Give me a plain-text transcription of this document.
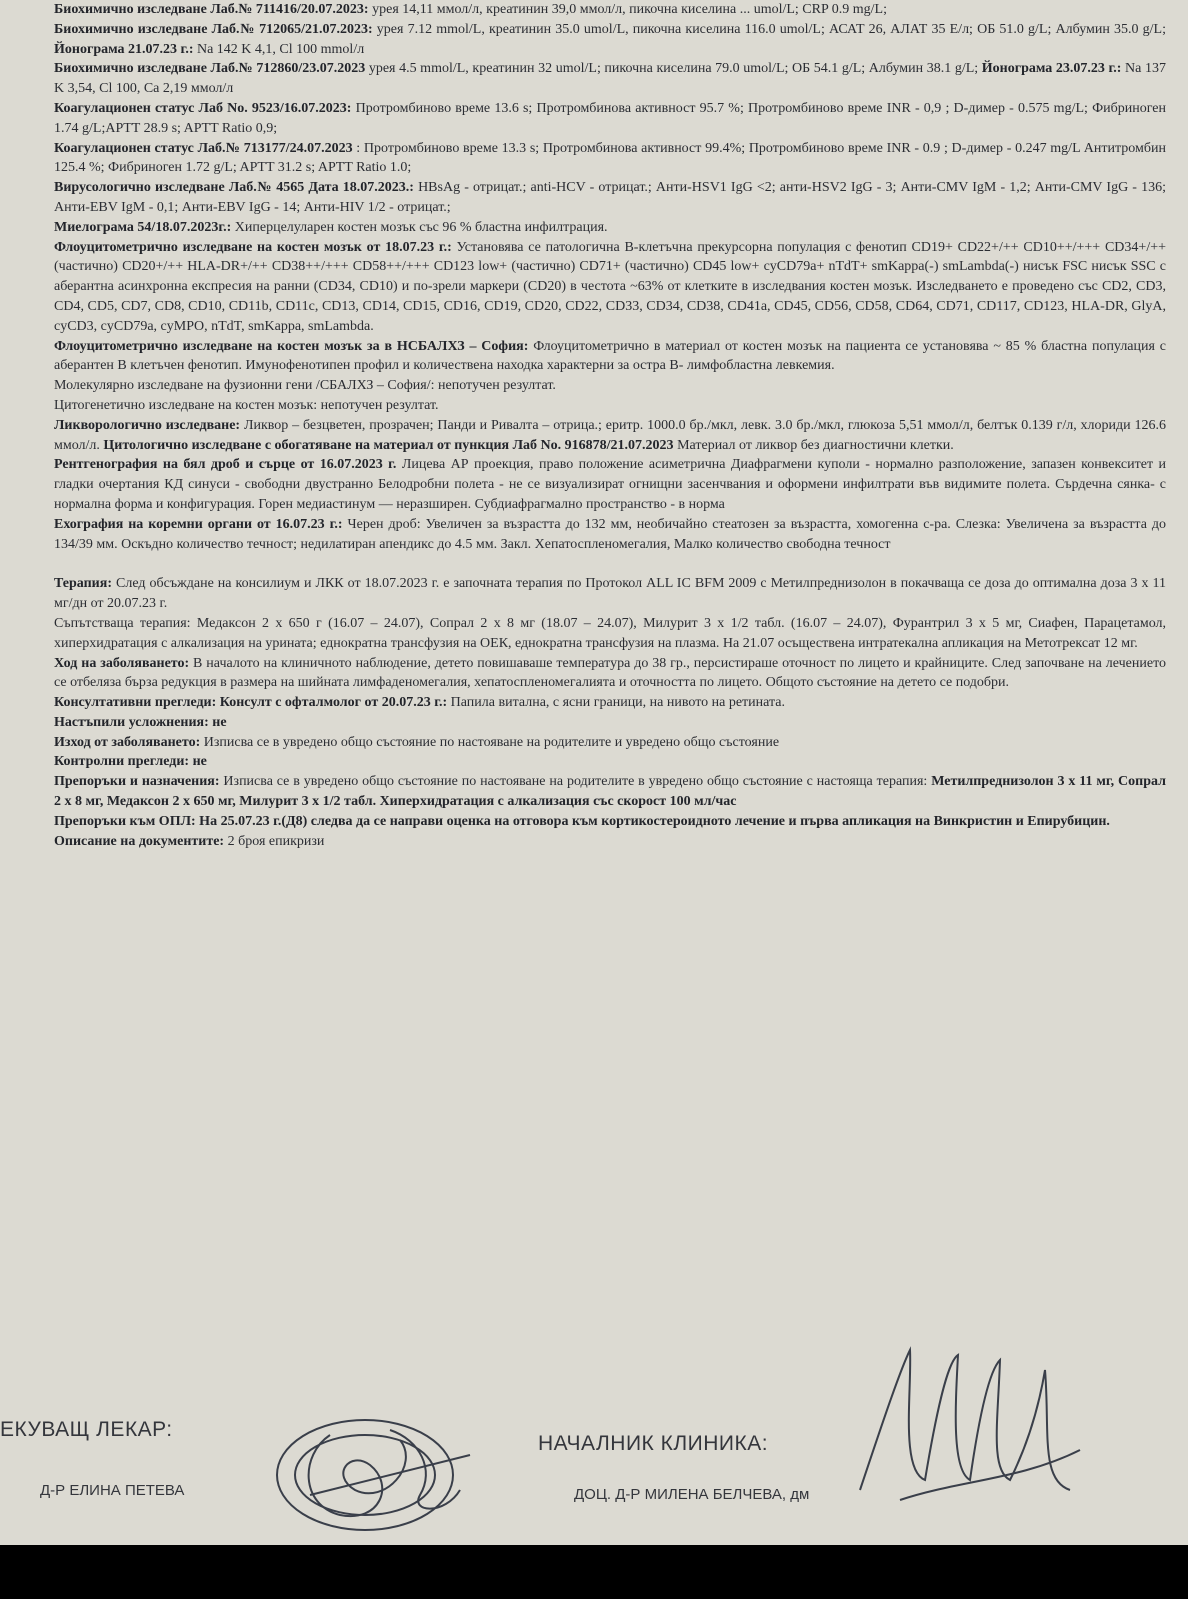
Биохимично изследване Лаб.№ 711416/20.07.2023: урея 14,11 ммол/л, креатинин 39,0 ммол/л, пикочна киселина ... umol/L; CRP 0.9 mg/L;

Биохимично изследване Лаб.№ 712065/21.07.2023: урея 7.12 mmol/L, креатинин 35.0 umol/L, пикочна киселина 116.0 umol/L; АСАТ 26, АЛАТ 35 Е/л; ОБ 51.0 g/L; Албумин 35.0 g/L; Йонограма 21.07.23 г.: Na 142 K 4,1, Cl 100 mmol/л

Биохимично изследване Лаб.№ 712860/23.07.2023 урея 4.5 mmol/L, креатинин 32 umol/L; пикочна киселина 79.0 umol/L; ОБ 54.1 g/L; Албумин 38.1 g/L; Йонограма 23.07.23 г.: Na 137 K 3,54, Cl 100, Ca 2,19 ммол/л

Коагулационен статус Лаб No. 9523/16.07.2023: Протромбиново време 13.6 s; Протромбинова активност 95.7 %; Протромбиново време INR - 0,9 ; D-димер - 0.575 mg/L; Фибриноген 1.74 g/L;APTT 28.9 s; APTT Ratio 0,9;

Коагулационен статус Лаб.№ 713177/24.07.2023 : Протромбиново време 13.3 s; Протромбинова активност 99.4%; Протромбиново време INR - 0.9 ; D-димер - 0.247 mg/L Антитромбин 125.4 %; Фибриноген 1.72 g/L; APTT 31.2 s; APTT Ratio 1.0;

Вирусологично изследване Лаб.№ 4565 Дата 18.07.2023.: HBsAg - отрицат.; anti-HCV - отрицат.; Анти-HSV1 IgG <2; анти-HSV2 IgG - 3; Анти-CMV IgM - 1,2; Анти-CMV IgG - 136; Анти-EBV IgM - 0,1; Анти-EBV IgG - 14; Анти-HIV 1/2 - отрицат.;

Миелограма 54/18.07.2023г.: Хиперцелуларен костен мозък със 96 % бластна инфилтрация.

Флоуцитометрично изследване на костен мозък от 18.07.23 г.: Установява се патологична В-клетъчна прекурсорна популация с фенотип CD19+ CD22+/++ CD10++/+++ CD34+/++ (частично) CD20+/++ HLA-DR+/++ CD38++/+++ CD58++/+++ CD123 low+ (частично) CD71+ (частично) CD45 low+ cyCD79a+ nTdT+ smKappa(-) smLambda(-) нисък FSC нисък SSC с аберантна асинхронна експресия на ранни (CD34, CD10) и по-зрели маркери (CD20) в честота ~63% от клетките в изследвания костен мозък. Изследването е проведено със CD2, CD3, CD4, CD5, CD7, CD8, CD10, CD11b, CD11c, CD13, CD14, CD15, CD16, CD19, CD20, CD22, CD33, CD34, CD38, CD41a, CD45, CD56, CD58, CD64, CD71, CD117, CD123, HLA-DR, GlyA, cyCD3, cyCD79a, cyMPO, nTdT, smKappa, smLambda.

Флоуцитометрично изследване на костен мозък за в НСБАЛХЗ – София: Флоуцитометрично в материал от костен мозък на пациента се установява ~ 85 % бластна популация с аберантен В клетъчен фенотип. Имунофенотипен профил и количествена находка характерни за остра В- лимфобластна левкемия.

Молекулярно изследване на фузионни гени /СБАЛХЗ – София/: непотучен резултат.

Цитогенетично изследване на костен мозък: непотучен резултат.

Ликворологично изследване: Ликвор – безцветен, прозрачен; Панди и Ривалта – отрица.; еритр. 1000.0 бр./мкл, левк. 3.0 бр./мкл, глюкоза 5,51 ммол/л, белтък 0.139 г/л, хлориди 126.6 ммол/л. Цитологично изследване с обогатяване на материал от пункция Лаб No. 916878/21.07.2023 Материал от ликвор без диагностични клетки.

Рентгенография на бял дроб и сърце от 16.07.2023 г. Лицева АР проекция, право положение асиметрична Диафрагмени куполи - нормално разположение, запазен конвекситет и гладки очертания КД синуси - свободни двустранно Белодробни полета - не се визуализират огнищни засенчвания и оформени инфилтрати във видимите полета. Сърдечна сянка- с нормална форма и конфигурация. Горен медиастинум — неразширен. Субдиафрагмално пространство - в норма

Ехография на коремни органи от 16.07.23 г.: Черен дроб: Увеличен за възрастта до 132 мм, необичайно стеатозен за възрастта, хомогенна с-ра. Слезка: Увеличена за възрастта до 134/39 мм. Оскъдно количество течност; недилатиран апендикс до 4.5 мм. Закл. Хепатоспленомегалия, Малко количество свободна течност

Терапия: След обсъждане на консилиум и ЛКК от 18.07.2023 г. е започната терапия по Протокол ALL IC BFM 2009 с Метилпреднизолон в покачваща се доза до оптимална доза 3 х 11 мг/дн от 20.07.23 г.

Съпътстваща терапия: Медаксон 2 х 650 г (16.07 – 24.07), Сопрал 2 х 8 мг (18.07 – 24.07), Милурит 3 х 1/2 табл. (16.07 – 24.07), Фурантрил 3 х 5 мг, Сиафен, Парацетамол, хиперхидратация с алкализация на урината; еднократна трансфузия на ОЕК, еднократна трансфузия на плазма. На 21.07 осъществена интратекална апликация на Метотрексат 12 мг.

Ход на заболяването: В началото на клиничното наблюдение, детето повишаваше температура до 38 гр., персистираше оточност по лицето и крайниците. След започване на лечението се отбеляза бърза редукция в размера на шийната лимфаденомегалия, хепатоспленомегалията и оточността по лицето. Общото състояние на детето се подобри.

Консултативни прегледи: Консулт с офталмолог от 20.07.23 г.: Папила витална, с ясни граници, на нивото на ретината.

Настъпили усложнения: не

Изход от заболяването: Изписва се в увредено общо състояние по настояване на родителите и увредено общо състояние

Контролни прегледи: не

Препоръки и назначения: Изписва се в увредено общо състояние по настояване на родителите в увредено общо състояние с настояща терапия: Метилпреднизолон 3 х 11 мг, Сопрал 2 х 8 мг, Медаксон 2 х 650 мг, Милурит 3 х 1/2 табл. Хиперхидратация с алкализация със скорост 100 мл/час

Препоръки към ОПЛ: На 25.07.23 г.(Д8) следва да се направи оценка на отговора към кортикостероидното лечение и първа апликация на Винкристин и Епирубицин.

Описание на документите: 2 броя епикризи

ЕКУВАЩ ЛЕКАР:
Д-Р ЕЛИНА ПЕТЕВА
НАЧАЛНИК КЛИНИКА:
ДОЦ. Д-Р МИЛЕНА БЕЛЧЕВА, дм
